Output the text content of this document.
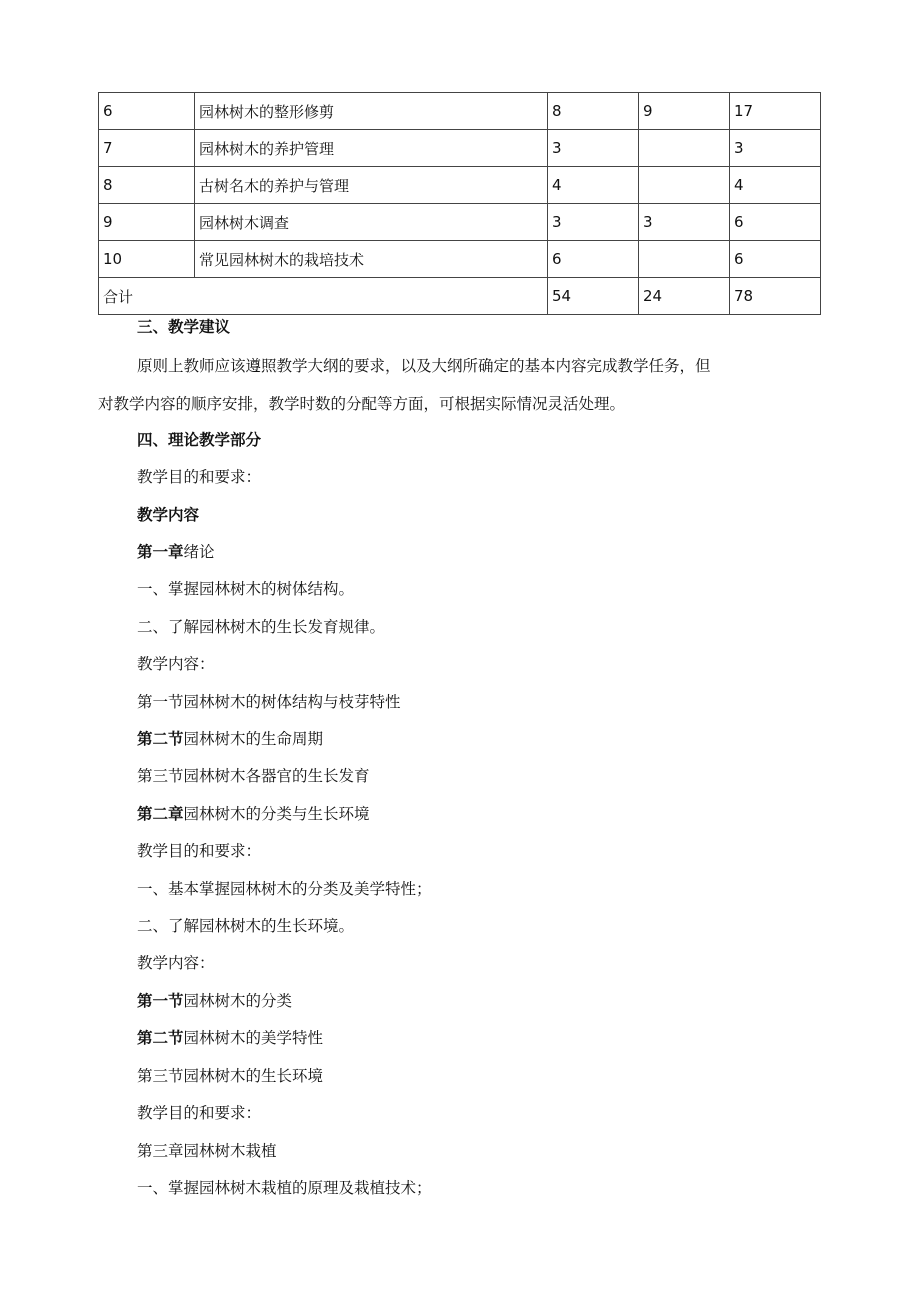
6	园林树木的整形修剪	8	9	17
7	园林树木的养护管理	3		3
8	古树名木的养护与管理	4		4
9	园林树木调查	3	3	6
10	常见园林树木的栽培技术	6		6
合计		54	24	78
三、教学建议
原则上教师应该遵照教学大纲的要求，以及大纲所确定的基本内容完成教学任务，但
对教学内容的顺序安排，教学时数的分配等方面，可根据实际情况灵活处理。
四、理论教学部分
教学目的和要求：
教学内容
第一章绪论
一、掌握园林树木的树体结构。
二、了解园林树木的生长发育规律。
教学内容：
第一节园林树木的树体结构与枝芽特性
第二节园林树木的生命周期
第三节园林树木各器官的生长发育
第二章园林树木的分类与生长环境
教学目的和要求：
一、基本掌握园林树木的分类及美学特性；
二、了解园林树木的生长环境。
教学内容：
第一节园林树木的分类
第二节园林树木的美学特性
第三节园林树木的生长环境
教学目的和要求：
第三章园林树木栽植
一、掌握园林树木栽植的原理及栽植技术；
